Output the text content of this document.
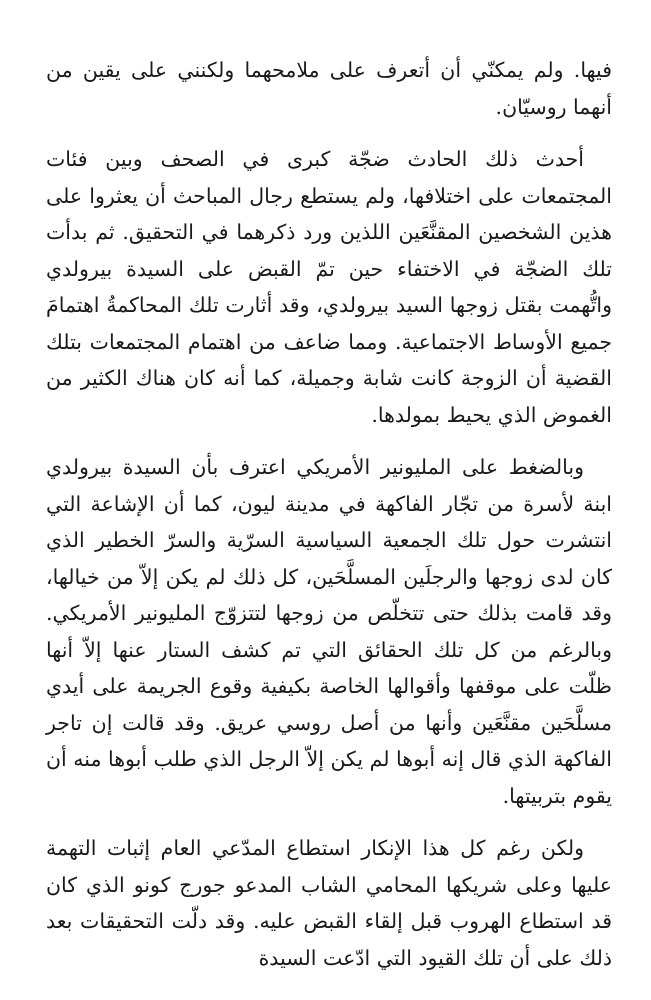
فيها. ولم يمكنّي أن أتعرف على ملامحهما ولكنني على يقين من أنهما روسيّان.

أحدث ذلك الحادث ضجّة كبرى في الصحف وبين فئات المجتمعات على اختلافها، ولم يستطع رجال المباحث أن يعثروا على هذين الشخصين المقنَّعَين اللذين ورد ذكرهما في التحقيق. ثم بدأت تلك الضجّة في الاختفاء حين تمّ القبض على السيدة بيرولدي واتُّهمت بقتل زوجها السيد بيرولدي، وقد أثارت تلك المحاكمةُ اهتمامَ جميع الأوساط الاجتماعية. ومما ضاعف من اهتمام المجتمعات بتلك القضية أن الزوجة كانت شابة وجميلة، كما أنه كان هناك الكثير من الغموض الذي يحيط بمولدها.

وبالضغط على المليونير الأمريكي اعترف بأن السيدة بيرولدي ابنة لأسرة من تجّار الفاكهة في مدينة ليون، كما أن الإشاعة التي انتشرت حول تلك الجمعية السياسية السرّية والسرّ الخطير الذي كان لدى زوجها والرجلَين المسلَّحَين، كل ذلك لم يكن إلاّ من خيالها، وقد قامت بذلك حتى تتخلّص من زوجها لتتزوّج المليونير الأمريكي. وبالرغم من كل تلك الحقائق التي تم كشف الستار عنها إلاّ أنها ظلّت على موقفها وأقوالها الخاصة بكيفية وقوع الجريمة على أيدي مسلَّحَين مقنَّعَين وأنها من أصل روسي عريق. وقد قالت إن تاجر الفاكهة الذي قال إنه أبوها لم يكن إلاّ الرجل الذي طلب أبوها منه أن يقوم بتربيتها.

ولكن رغم كل هذا الإنكار استطاع المدّعي العام إثبات التهمة عليها وعلى شريكها المحامي الشاب المدعو جورج كونو الذي كان قد استطاع الهروب قبل إلقاء القبض عليه. وقد دلّت التحقيقات بعد ذلك على أن تلك القيود التي ادّعت السيدة
